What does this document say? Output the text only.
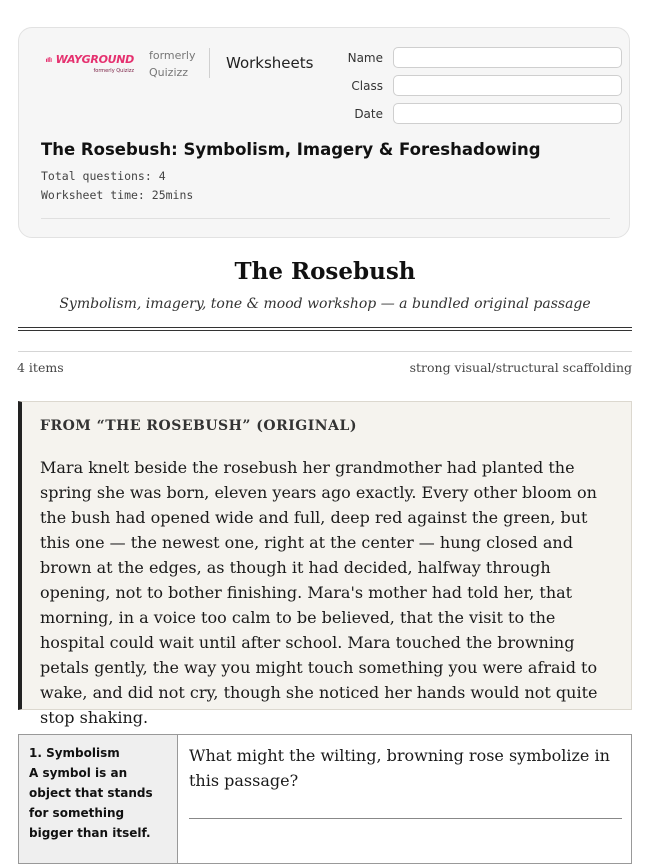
WAYGROUND
formerly Quizizz
formerly
Quizizz
Worksheets	Name
Class
Date
The Rosebush: Symbolism, Imagery & Foreshadowing
Total questions: 4
Worksheet time: 25mins
The Rosebush
Symbolism, imagery, tone & mood workshop — a bundled original passage
4 items	strong visual/structural scaffolding
FROM “THE ROSEBUSH” (ORIGINAL)

Mara knelt beside the rosebush her grandmother had planted the spring she was born, eleven years ago exactly. Every other bloom on the bush had opened wide and full, deep red against the green, but this one — the newest one, right at the center — hung closed and brown at the edges, as though it had decided, halfway through opening, not to bother finishing. Mara's mother had told her, that morning, in a voice too calm to be believed, that the visit to the hospital could wait until after school. Mara touched the browning petals gently, the way you might touch something you were afraid to wake, and did not cry, though she noticed her hands would not quite stop shaking.

1. Symbolism
A symbol is an object that stands for something bigger than itself.
What might the wilting, browning rose symbolize in this passage?
